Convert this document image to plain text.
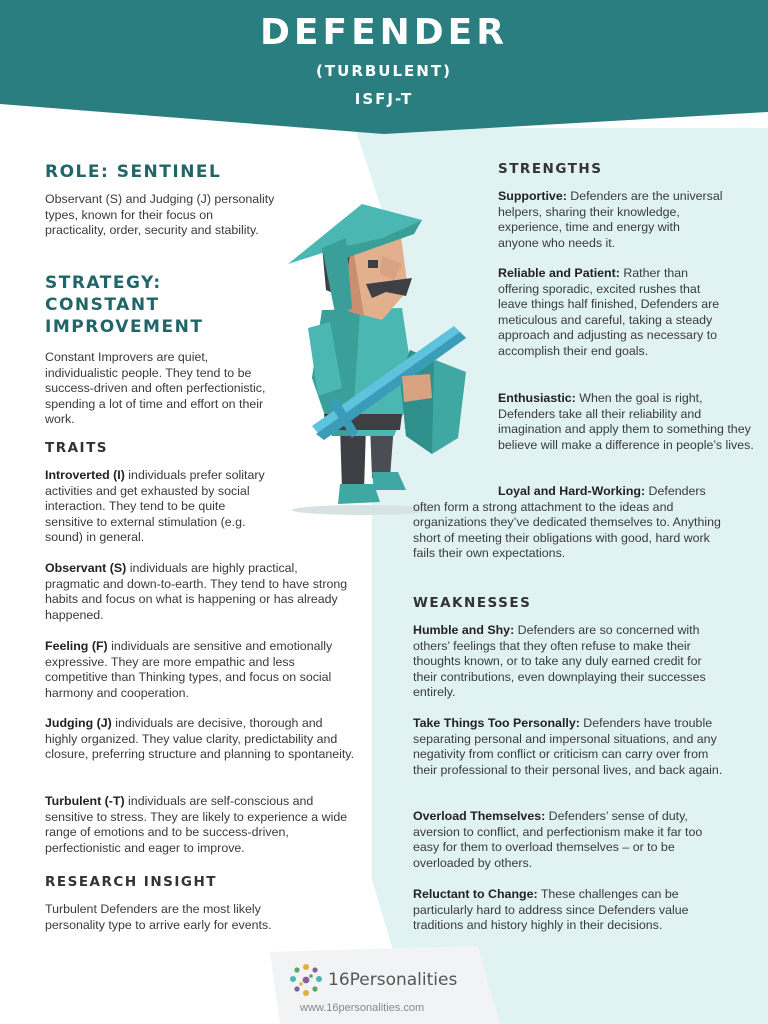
DEFENDER
(TURBULENT)
ISFJ-T
ROLE: SENTINEL

Observant (S) and Judging (J) personality types, known for their focus on practicality, order, security and stability.

STRATEGY:
CONSTANT
IMPROVEMENT

Constant Improvers are quiet, individualistic people. They tend to be success-driven and often perfectionistic, spending a lot of time and effort on their work.

TRAITS

Introverted (I) individuals prefer solitary activities and get exhausted by social interaction. They tend to be quite sensitive to external stimulation (e.g. sound) in general.

Observant (S) individuals are highly practical, pragmatic and down-to-earth. They tend to have strong habits and focus on what is happening or has already happened.

Feeling (F) individuals are sensitive and emotionally expressive. They are more empathic and less competitive than Thinking types, and focus on social harmony and cooperation.

Judging (J) individuals are decisive, thorough and highly organized. They value clarity, predictability and closure, preferring structure and planning to spontaneity.

Turbulent (-T) individuals are self-conscious and sensitive to stress. They are likely to experience a wide range of emotions and to be success-driven, perfectionistic and eager to improve.

RESEARCH INSIGHT

Turbulent Defenders are the most likely personality type to arrive early for events.

STRENGTHS

Supportive: Defenders are the universal helpers, sharing their knowledge, experience, time and energy with anyone who needs it.

Reliable and Patient: Rather than offering sporadic, excited rushes that leave things half finished, Defenders are meticulous and careful, taking a steady approach and adjusting as necessary to accomplish their end goals.

Enthusiastic: When the goal is right, Defenders take all their reliability and imagination and apply them to something they believe will make a difference in people’s lives.

Loyal and Hard-Working: Defenders often form a strong attachment to the ideas and organizations they’ve dedicated themselves to. Anything short of meeting their obligations with good, hard work fails their own expectations.

WEAKNESSES

Humble and Shy: Defenders are so concerned with others’ feelings that they often refuse to make their thoughts known, or to take any duly earned credit for their contributions, even downplaying their successes entirely.

Take Things Too Personally: Defenders have trouble separating personal and impersonal situations, and any negativity from conflict or criticism can carry over from their professional to their personal lives, and back again.

Overload Themselves: Defenders’ sense of duty, aversion to conflict, and perfectionism make it far too easy for them to overload themselves – or to be overloaded by others.

Reluctant to Change: These challenges can be particularly hard to address since Defenders value traditions and history highly in their decisions.

16Personalities
www.16personalities.com
